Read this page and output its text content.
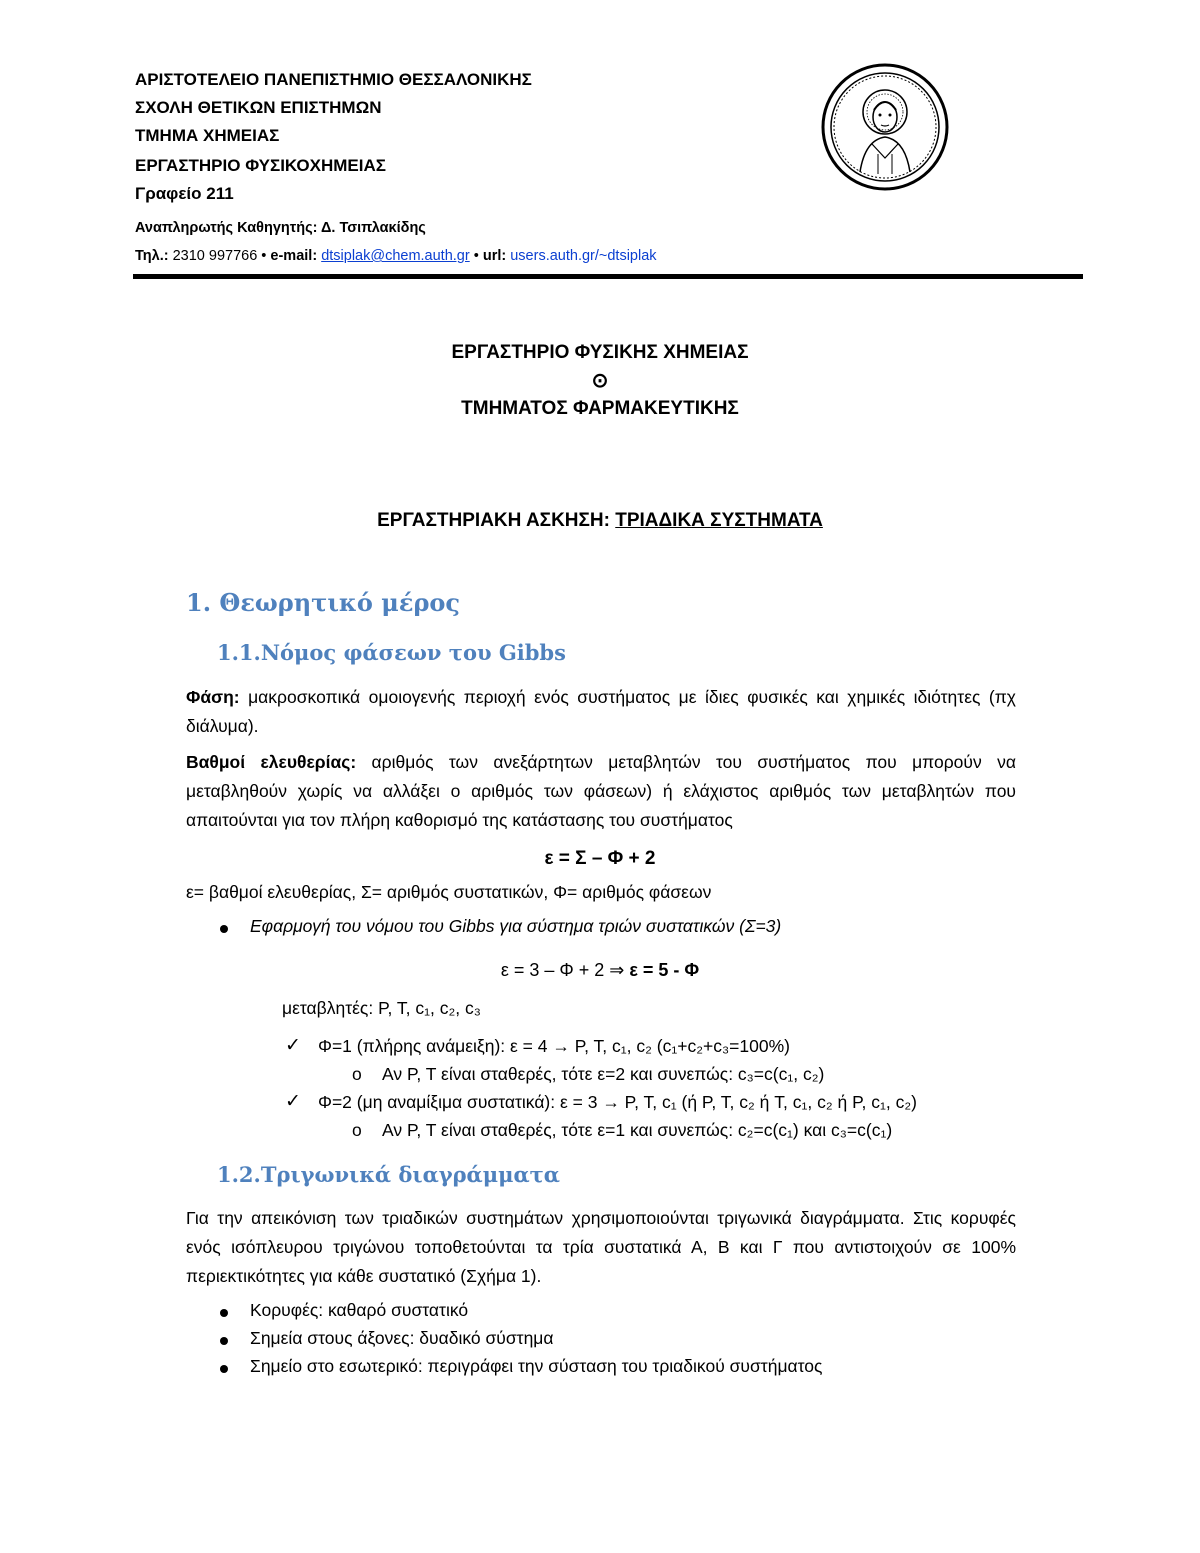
ΑΡΙΣΤΟΤΕΛΕΙΟ ΠΑΝΕΠΙΣΤΗΜΙΟ ΘΕΣΣΑΛΟΝΙΚΗΣ
ΣΧΟΛΗ ΘΕΤΙΚΩΝ ΕΠΙΣΤΗΜΩΝ
ΤΜΗΜΑ ΧΗΜΕΙΑΣ
ΕΡΓΑΣΤΗΡΙΟ ΦΥΣΙΚΟΧΗΜΕΙΑΣ
Γραφείο 211
Αναπληρωτής Καθηγητής: Δ. Τσιπλακίδης
Τηλ.: 2310 997766 • e-mail: dtsiplak@chem.auth.gr • url: users.auth.gr/~dtsiplak
ΕΡΓΑΣΤΗΡΙΟ ΦΥΣΙΚΗΣ ΧΗΜΕΙΑΣ
⊙
ΤΜΗΜΑΤΟΣ ΦΑΡΜΑΚΕΥΤΙΚΗΣ
ΕΡΓΑΣΤΗΡΙΑΚΗ ΑΣΚΗΣΗ: ΤΡΙΑΔΙΚΑ ΣΥΣΤΗΜΑΤΑ
1. Θεωρητικό μέρος
1.1.Νόμος φάσεων του Gibbs
Φάση: μακροσκοπικά ομοιογενής περιοχή ενός συστήματος με ίδιες φυσικές και χημικές ιδιότητες (πχ διάλυμα).
Βαθμοί ελευθερίας: αριθμός των ανεξάρτητων μεταβλητών του συστήματος που μπορούν να μεταβληθούν χωρίς να αλλάξει ο αριθμός των φάσεων) ή ελάχιστος αριθμός των μεταβλητών που απαιτούνται για τον πλήρη καθορισμό της κατάστασης του συστήματος
ε = Σ – Φ + 2
ε= βαθμοί ελευθερίας, Σ= αριθμός συστατικών, Φ= αριθμός φάσεων
Εφαρμογή του νόμου του Gibbs για σύστημα τριών συστατικών (Σ=3)
ε = 3 – Φ + 2 ⇒ ε = 5 - Φ
μεταβλητές: P, T, c₁, c₂, c₃
✓ Φ=1 (πλήρης ανάμειξη): ε = 4 → P, T, c₁, c₂ (c₁+c₂+c₃=100%)
o Αν P, T είναι σταθερές, τότε ε=2 και συνεπώς: c₃=c(c₁, c₂)
✓ Φ=2 (μη αναμίξιμα συστατικά): ε = 3 → P, T, c₁ (ή P, T, c₂ ή T, c₁, c₂ ή P, c₁, c₂)
o Αν P, T είναι σταθερές, τότε ε=1 και συνεπώς: c₂=c(c₁) και c₃=c(c₁)
1.2.Τριγωνικά διαγράμματα
Για την απεικόνιση των τριαδικών συστημάτων χρησιμοποιούνται τριγωνικά διαγράμματα. Στις κορυφές ενός ισόπλευρου τριγώνου τοποθετούνται τα τρία συστατικά Α, Β και Γ που αντιστοιχούν σε 100% περιεκτικότητες για κάθε συστατικό (Σχήμα 1).
Κορυφές: καθαρό συστατικό
Σημεία στους άξονες: δυαδικό σύστημα
Σημείο στο εσωτερικό: περιγράφει την σύσταση του τριαδικού συστήματος
